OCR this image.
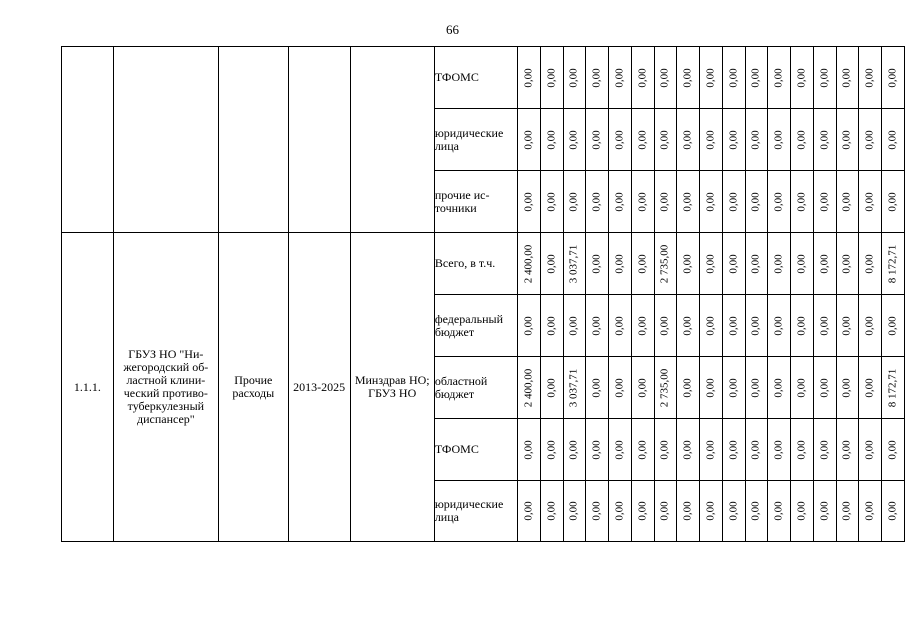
66
					ТФОМС	0,00	0,00	0,00	0,00	0,00	0,00	0,00	0,00	0,00	0,00	0,00	0,00	0,00	0,00	0,00	0,00	0,00

					юридические лица	0,00	0,00	0,00	0,00	0,00	0,00	0,00	0,00	0,00	0,00	0,00	0,00	0,00	0,00	0,00	0,00	0,00

					прочие ис-точники	0,00	0,00	0,00	0,00	0,00	0,00	0,00	0,00	0,00	0,00	0,00	0,00	0,00	0,00	0,00	0,00	0,00

1.1.1.	ГБУЗ НО "Ни-жегородский об-ластной клини-ческий противо-туберкулезный диспансер"	Прочие расходы	2013-2025	Минздрав НО; ГБУЗ НО	Всего, в т.ч.	2 400,00	0,00	3 037,71	0,00	0,00	0,00	2 735,00	0,00	0,00	0,00	0,00	0,00	0,00	0,00	0,00	0,00	8 172,71

					федеральный бюджет	0,00	0,00	0,00	0,00	0,00	0,00	0,00	0,00	0,00	0,00	0,00	0,00	0,00	0,00	0,00	0,00	0,00

					областной бюджет	2 400,00	0,00	3 037,71	0,00	0,00	0,00	2 735,00	0,00	0,00	0,00	0,00	0,00	0,00	0,00	0,00	0,00	8 172,71

					ТФОМС	0,00	0,00	0,00	0,00	0,00	0,00	0,00	0,00	0,00	0,00	0,00	0,00	0,00	0,00	0,00	0,00	0,00

					юридические лица	0,00	0,00	0,00	0,00	0,00	0,00	0,00	0,00	0,00	0,00	0,00	0,00	0,00	0,00	0,00	0,00	0,00
